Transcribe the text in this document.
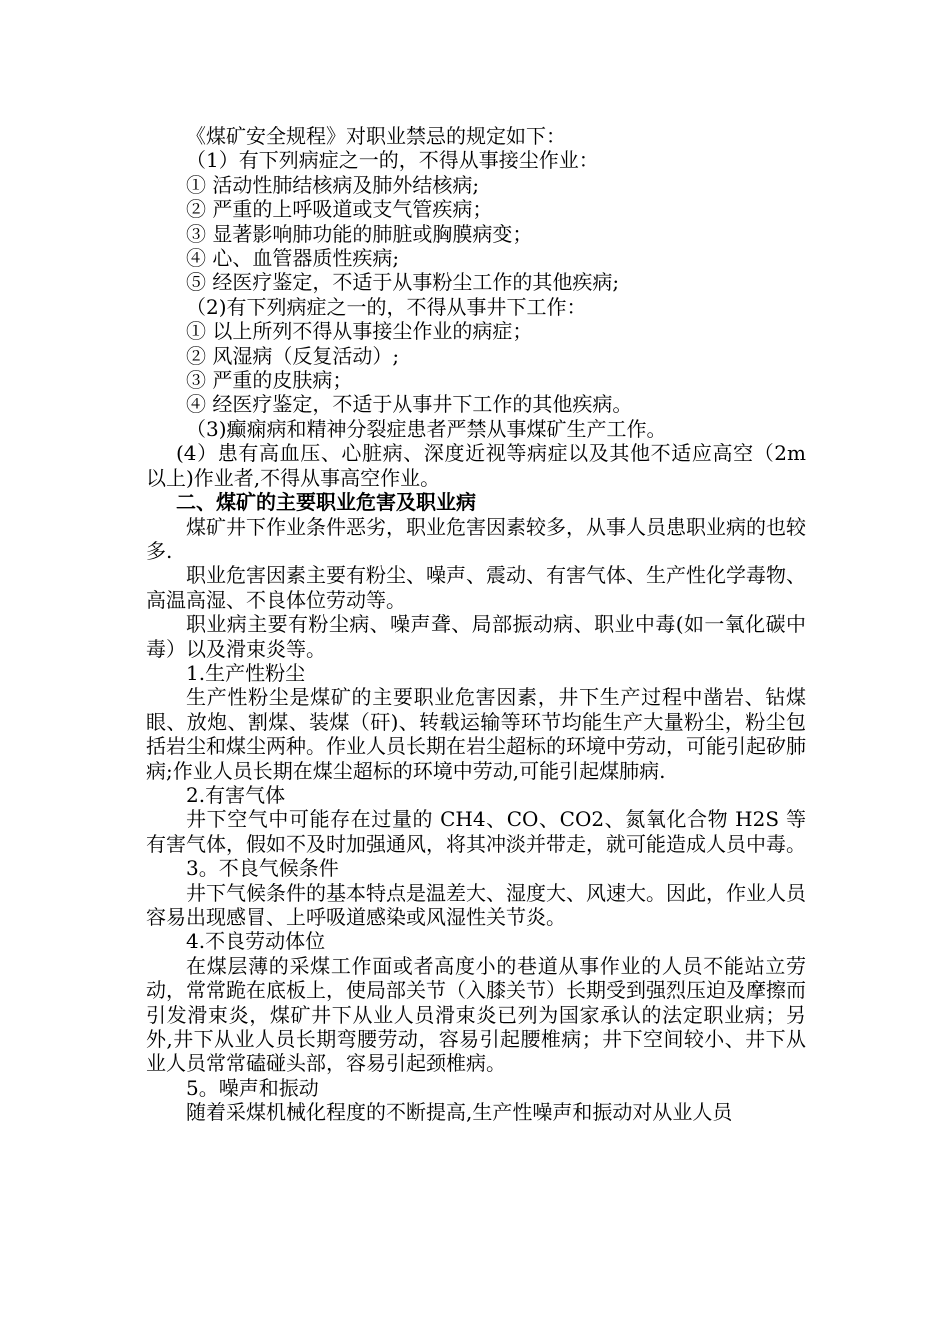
《煤矿安全规程》对职业禁忌的规定如下：

（1）有下列病症之一的，不得从事接尘作业：

① 活动性肺结核病及肺外结核病;

② 严重的上呼吸道或支气管疾病；

③ 显著影响肺功能的肺脏或胸膜病变；

④ 心、血管器质性疾病;

⑤ 经医疗鉴定，不适于从事粉尘工作的其他疾病;

（2)有下列病症之一的，不得从事井下工作：

① 以上所列不得从事接尘作业的病症；

② 风湿病（反复活动）;

③ 严重的皮肤病；

④ 经医疗鉴定，不适于从事井下工作的其他疾病。

（3)癫痫病和精神分裂症患者严禁从事煤矿生产工作。

(4）患有高血压、心脏病、深度近视等病症以及其他不适应高空（2m 以上)作业者,不得从事高空作业。

二、煤矿的主要职业危害及职业病

煤矿井下作业条件恶劣，职业危害因素较多，从事人员患职业病的也较多.

职业危害因素主要有粉尘、噪声、震动、有害气体、生产性化学毒物、高温高湿、不良体位劳动等。

职业病主要有粉尘病、噪声聋、局部振动病、职业中毒(如一氧化碳中毒）以及滑束炎等。

1.生产性粉尘

生产性粉尘是煤矿的主要职业危害因素，井下生产过程中凿岩、钻煤眼、放炮、割煤、装煤（矸)、转载运输等环节均能生产大量粉尘，粉尘包括岩尘和煤尘两种。作业人员长期在岩尘超标的环境中劳动，可能引起矽肺病;作业人员长期在煤尘超标的环境中劳动,可能引起煤肺病.

2.有害气体

井下空气中可能存在过量的 CH4、CO、CO2、氮氧化合物 H2S 等有害气体，假如不及时加强通风，将其冲淡并带走，就可能造成人员中毒。

3。不良气候条件

井下气候条件的基本特点是温差大、湿度大、风速大。因此，作业人员容易出现感冒、上呼吸道感染或风湿性关节炎。

4.不良劳动体位

在煤层薄的采煤工作面或者高度小的巷道从事作业的人员不能站立劳动，常常跪在底板上，使局部关节（入膝关节）长期受到强烈压迫及摩擦而引发滑束炎，煤矿井下从业人员滑束炎已列为国家承认的法定职业病；另外,井下从业人员长期弯腰劳动，容易引起腰椎病；井下空间较小、井下从业人员常常磕碰头部，容易引起颈椎病。

5。噪声和振动

随着采煤机械化程度的不断提高,生产性噪声和振动对从业人员
